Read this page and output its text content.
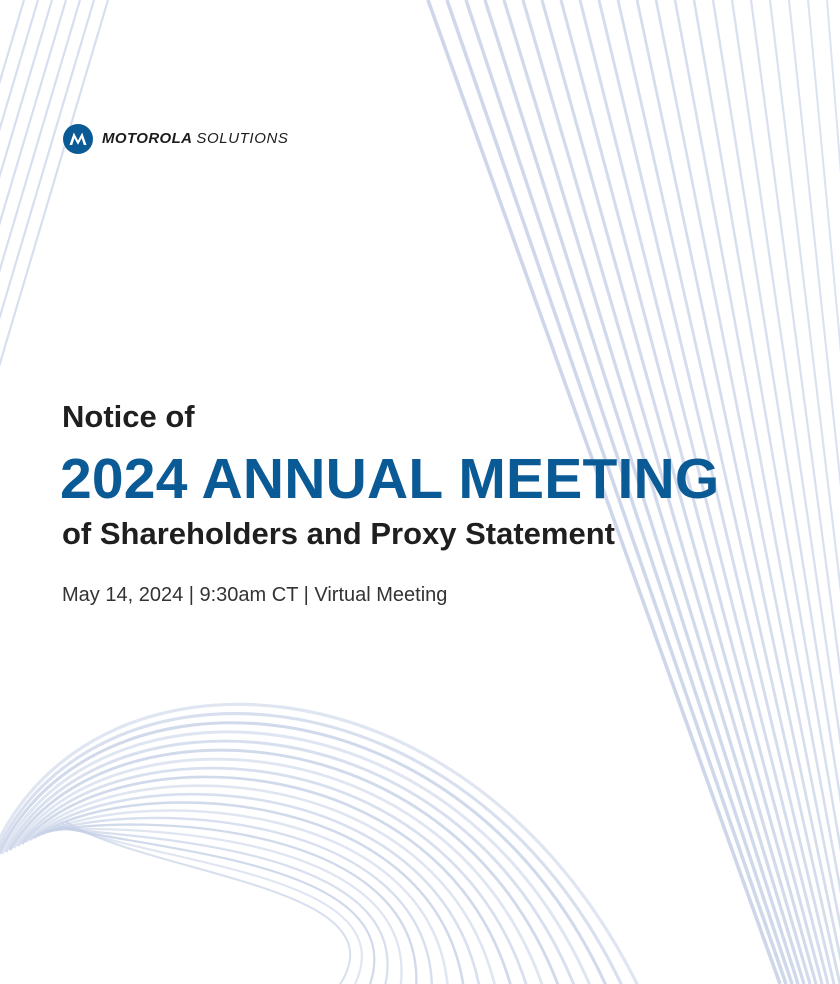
MOTOROLA SOLUTIONS
Notice of
2024 ANNUAL MEETING
of Shareholders and Proxy Statement
May 14, 2024 | 9:30am CT | Virtual Meeting
